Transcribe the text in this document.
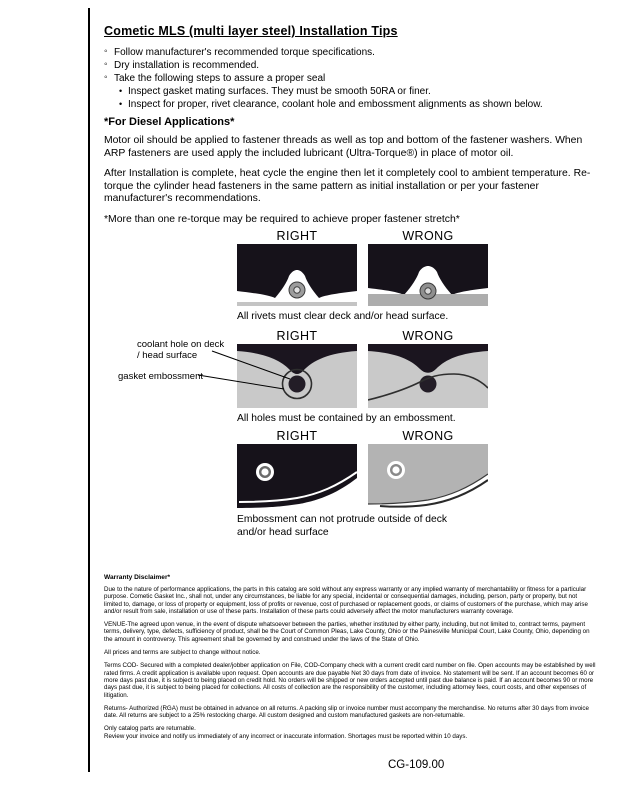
Cometic MLS (multi layer steel) Installation Tips
◦ Follow manufacturer's recommended torque specifications.
◦ Dry installation is recommended.
◦ Take the following steps to assure a proper seal
• Inspect gasket mating surfaces. They must be smooth 50RA or finer.
• Inspect for proper, rivet clearance, coolant hole and embossment alignments as shown below.
*For Diesel Applications*

Motor oil should be applied to fastener threads as well as top and bottom of the fastener washers. When ARP fasteners are used apply the included lubricant (Ultra-Torque®) in place of motor oil.

After Installation is complete, heat cycle the engine then let it completely cool to ambient temperature. Re-torque the cylinder head fasteners in the same pattern as initial installation or per your fastener manufacturer's recommendations.

*More than one re-torque may be required to achieve proper fastener stretch*

RIGHT	WRONG
All rivets must clear deck and/or head surface.
RIGHT	WRONG
All holes must be contained by an embossment.
coolant hole on deck / head surface
gasket embossment
RIGHT	WRONG
Embossment can not protrude outside of deck and/or head surface
Warranty Disclaimer*

Due to the nature of performance applications, the parts in this catalog are sold without any express warranty or any implied warranty of merchantability or fitness for a particular purpose. Cometic Gasket Inc., shall not, under any circumstances, be liable for any special, incidental or consequential damages, including, person, party or property, but not limited to, damage, or loss of property or equipment, loss of profits or revenue, cost of purchased or replacement goods, or claims of customers of the purchase, which may arise and/or result from sale, installation or use of these parts. Installation of these parts could adversely affect the motor manufacturers warranty coverage.

VENUE-The agreed upon venue, in the event of dispute whatsoever between the parties, whether instituted by either party, including, but not limited to, contract terms, payment terms, delivery, type, defects, sufficiency of product, shall be the Court of Common Pleas, Lake County, Ohio or the Painesville Municipal Court, Lake County, Ohio, depending on the amount in controversy. This agreement shall be governed by and construed under the laws of the State of Ohio.

All prices and terms are subject to change without notice.

Terms COD- Secured with a completed dealer/jobber application on File, COD-Company check with a current credit card number on file. Open accounts may be established by well rated firms. A credit application is available upon request. Open accounts are due payable Net 30 days from date of invoice. No statement will be sent. If an account becomes 60 or more days past due, it is subject to being placed on credit hold. No orders will be shipped or new orders accepted until past due balance is paid. If an account becomes 90 or more days past due, it is subject to being placed for collections. All costs of collection are the responsibility of the customer, including attorney fees, court costs, and other expenses of litigation.

Returns- Authorized (RGA) must be obtained in advance on all returns. A packing slip or invoice number must accompany the merchandise. No returns after 30 days from invoice date. All returns are subject to a 25% restocking charge. All custom designed and custom manufactured gaskets are non-returnable.

Only catalog parts are returnable.

Review your invoice and notify us immediately of any incorrect or inaccurate information. Shortages must be reported within 10 days.

CG-109.00
